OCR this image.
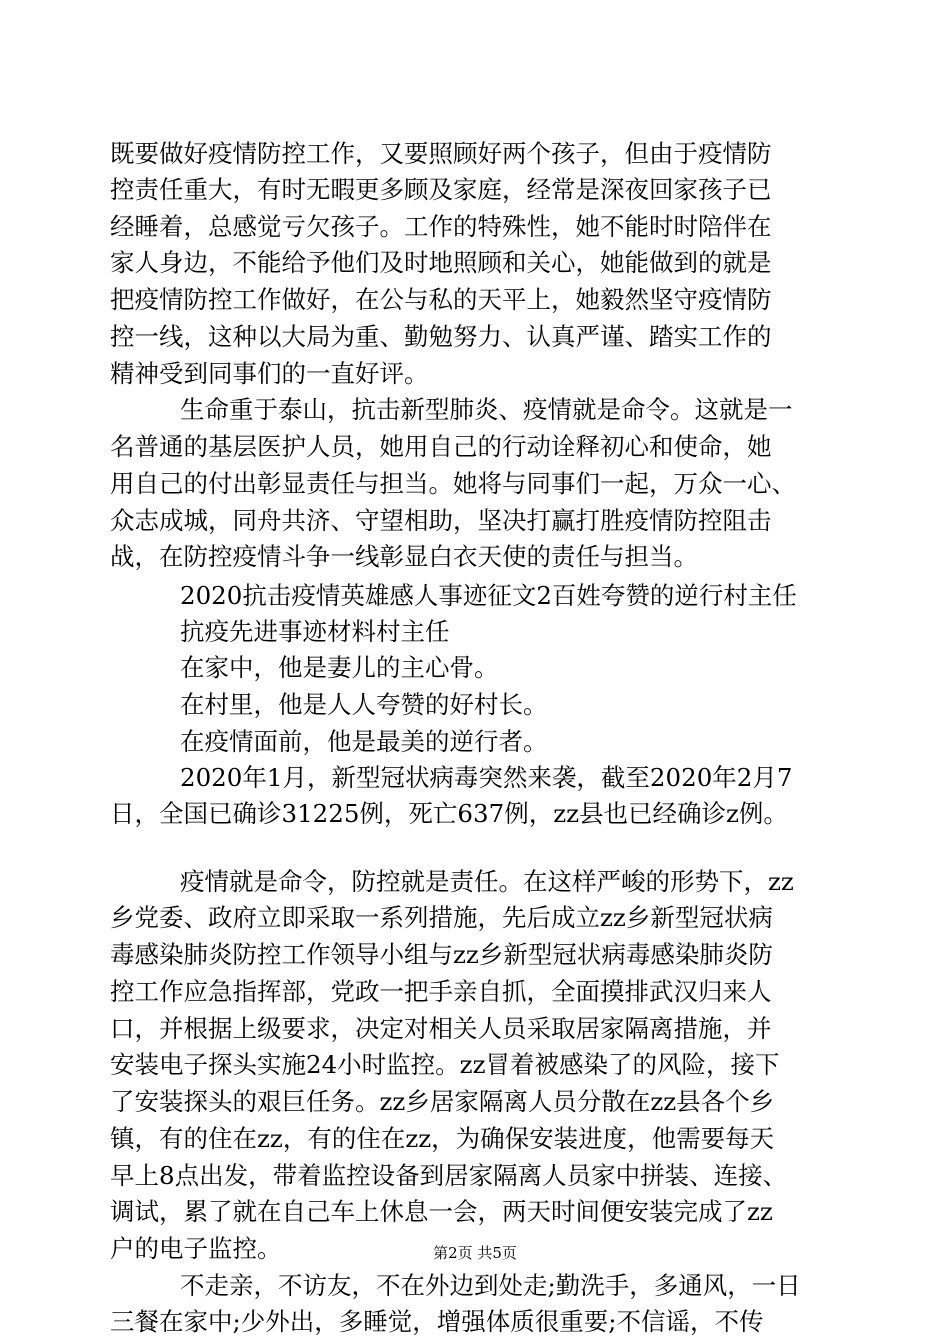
既要做好疫情防控工作，又要照顾好两个孩子，但由于疫情防

控责任重大，有时无暇更多顾及家庭，经常是深夜回家孩子已

经睡着，总感觉亏欠孩子。工作的特殊性，她不能时时陪伴在

家人身边，不能给予他们及时地照顾和关心，她能做到的就是

把疫情防控工作做好，在公与私的天平上，她毅然坚守疫情防

控一线，这种以大局为重、勤勉努力、认真严谨、踏实工作的

精神受到同事们的一直好评。

生命重于泰山，抗击新型肺炎、疫情就是命令。这就是一

名普通的基层医护人员，她用自己的行动诠释初心和使命，她

用自己的付出彰显责任与担当。她将与同事们一起，万众一心、

众志成城，同舟共济、守望相助，坚决打赢打胜疫情防控阻击

战，在防控疫情斗争一线彰显白衣天使的责任与担当。

2020抗击疫情英雄感人事迹征文2百姓夸赞的逆行村主任

抗疫先进事迹材料村主任

在家中，他是妻儿的主心骨。

在村里，他是人人夸赞的好村长。

在疫情面前，他是最美的逆行者。

2020年1月，新型冠状病毒突然来袭，截至2020年2月7

日，全国已确诊31225例，死亡637例，zz县也已经确诊z例。

疫情就是命令，防控就是责任。在这样严峻的形势下，zz

乡党委、政府立即采取一系列措施，先后成立zz乡新型冠状病

毒感染肺炎防控工作领导小组与zz乡新型冠状病毒感染肺炎防

控工作应急指挥部，党政一把手亲自抓，全面摸排武汉归来人

口，并根据上级要求，决定对相关人员采取居家隔离措施，并

安装电子探头实施24小时监控。zz冒着被感染了的风险，接下

了安装探头的艰巨任务。zz乡居家隔离人员分散在zz县各个乡

镇，有的住在zz，有的住在zz，为确保安装进度，他需要每天

早上8点出发，带着监控设备到居家隔离人员家中拼装、连接、

调试，累了就在自己车上休息一会，两天时间便安装完成了zz

户的电子监控。

不走亲，不访友，不在外边到处走;勤洗手，多通风，一日

三餐在家中;少外出，多睡觉，增强体质很重要;不信谣，不传

第2页 共5页
